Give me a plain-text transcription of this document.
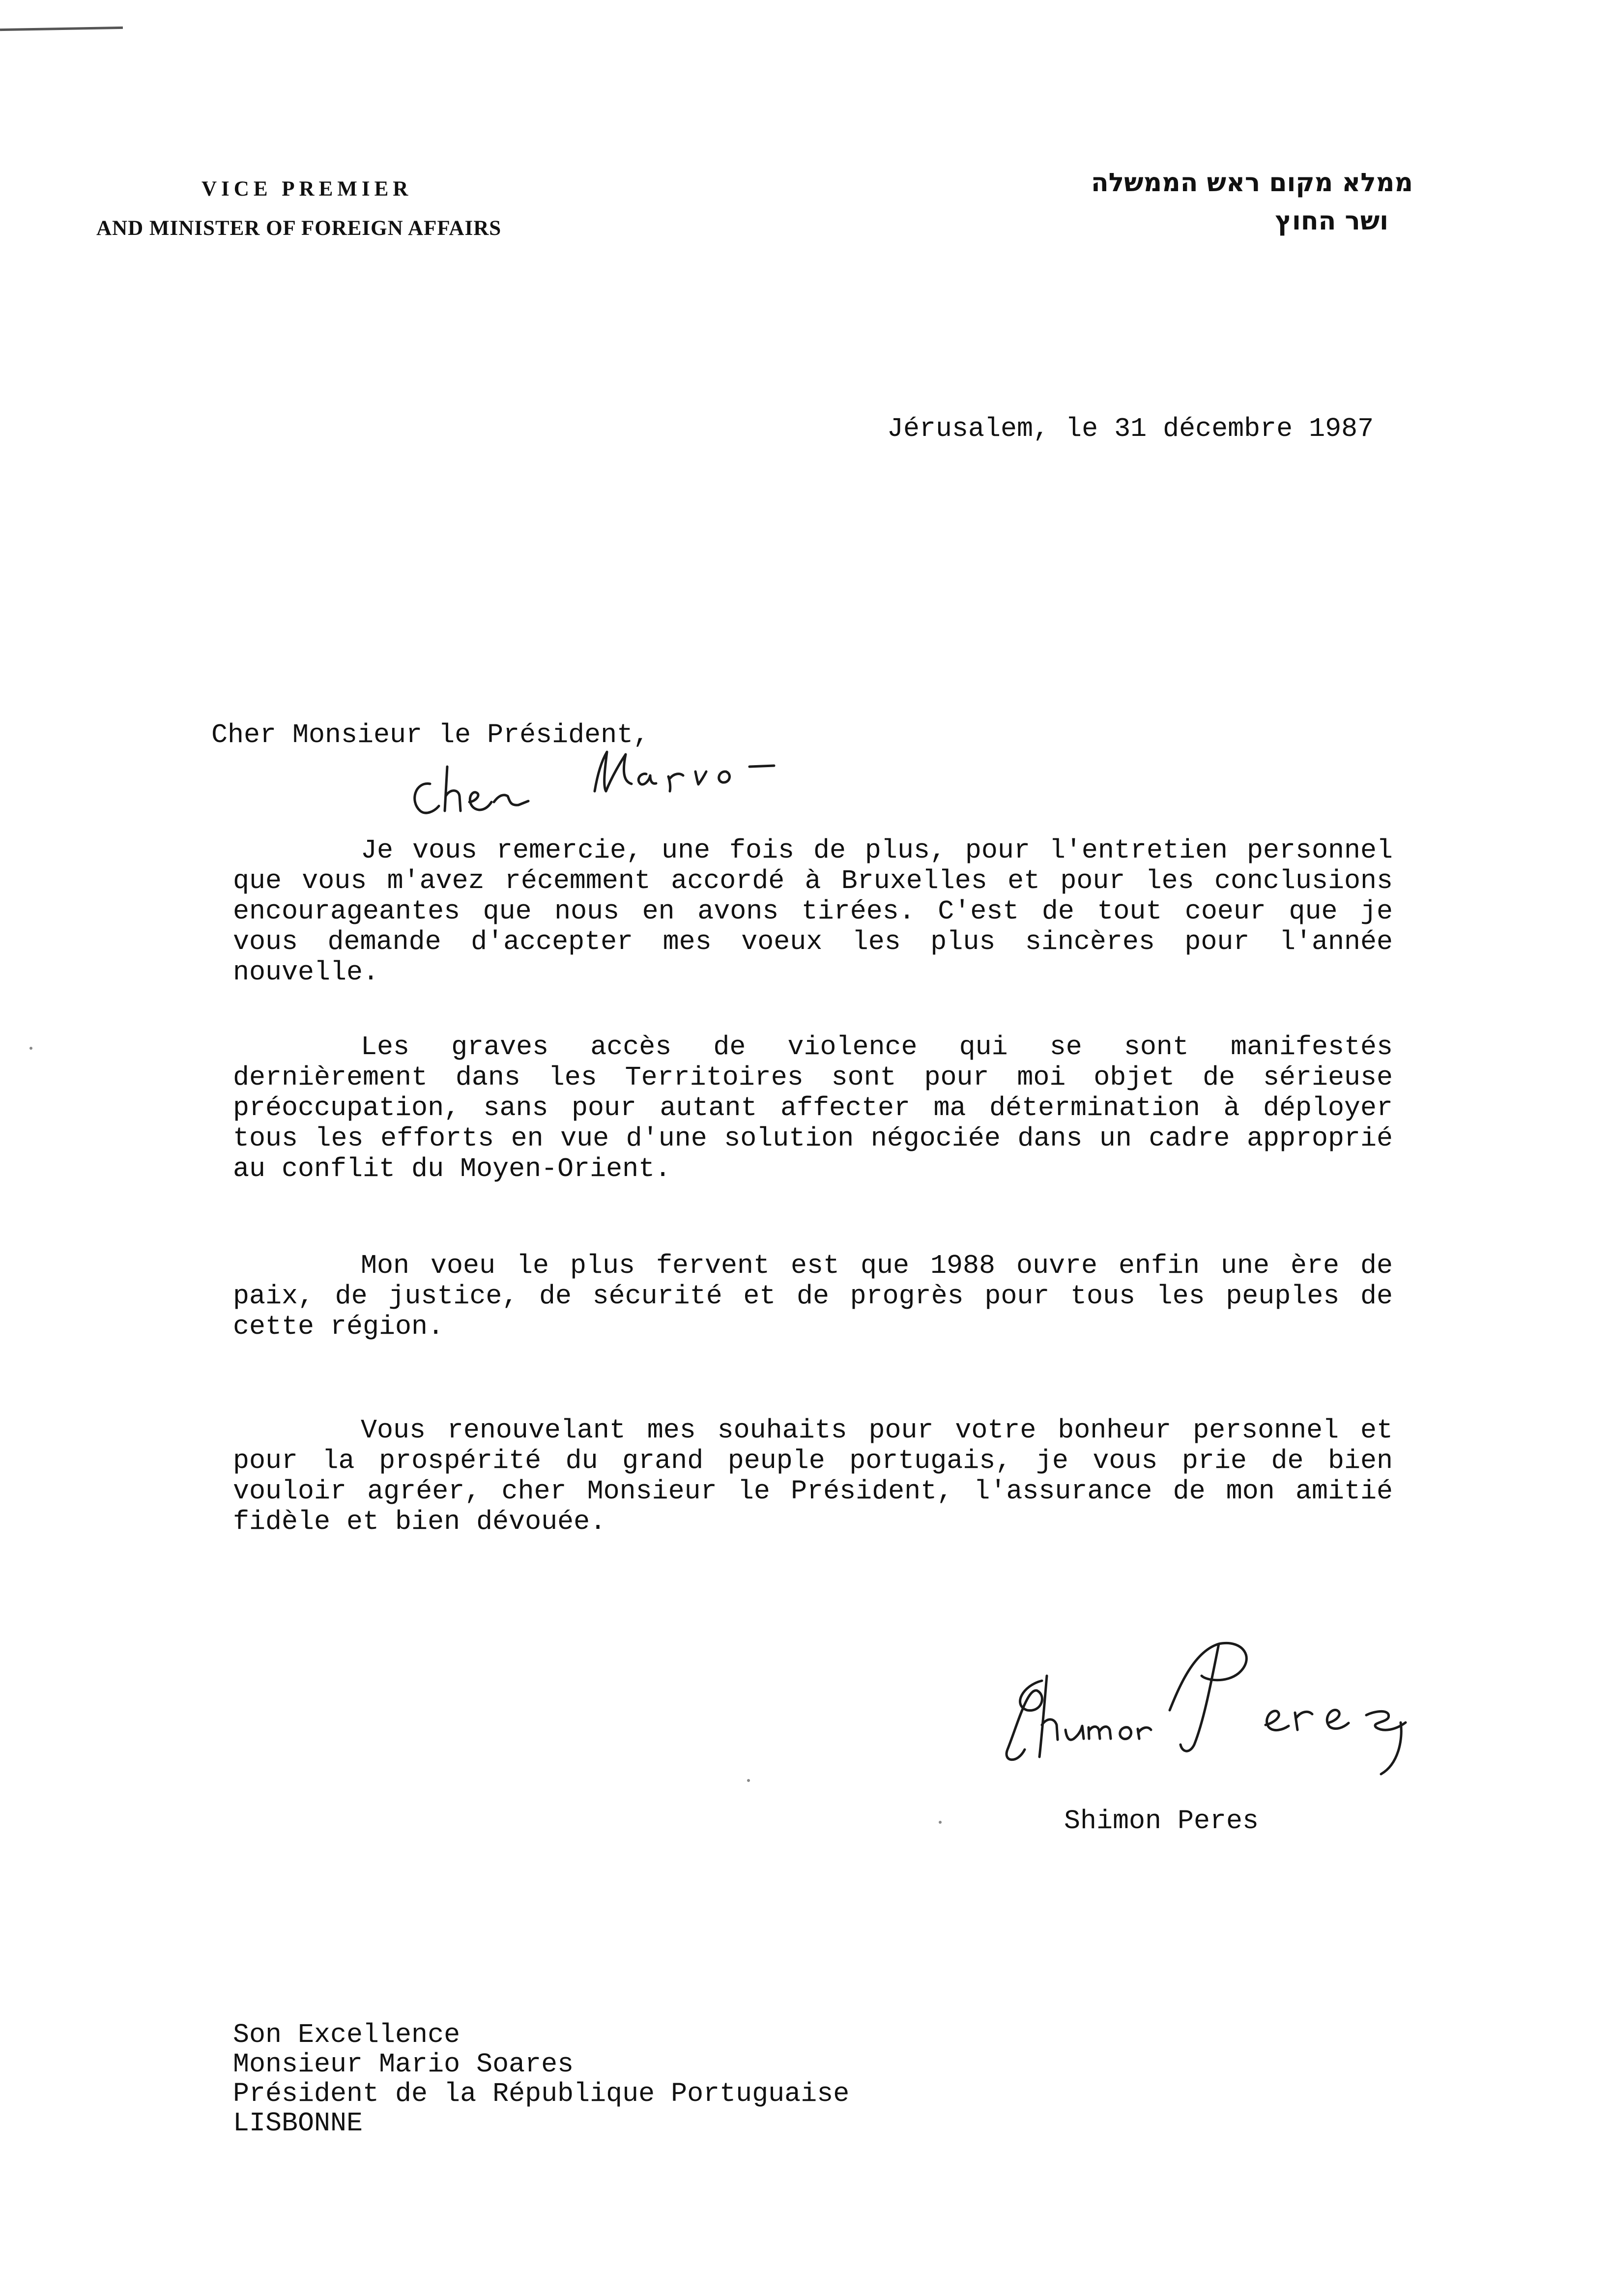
VICE PREMIER
AND MINISTER OF FOREIGN AFFAIRS
ממלא מקום ראש הממשלה
ושר החוץ
Jérusalem, le 31 décembre 1987
Cher Monsieur le Président,
Je vous remercie, une fois de plus, pour l'entretien personnel que vous m'avez récemment accordé à Bruxelles et pour les conclusions encourageantes que nous en avons tirées. C'est de tout coeur que je vous demande d'accepter mes voeux les plus sincères pour l'année nouvelle.
Les graves accès de violence qui se sont manifestés dernièrement dans les Territoires sont pour moi objet de sérieuse préoccupation, sans pour autant affecter ma détermination à déployer tous les efforts en vue d'une solution négociée dans un cadre approprié au conflit du Moyen-Orient.
Mon voeu le plus fervent est que 1988 ouvre enfin une ère de paix, de justice, de sécurité et de progrès pour tous les peuples de cette région.
Vous renouvelant mes souhaits pour votre bonheur personnel et pour la prospérité du grand peuple portugais, je vous prie de bien vouloir agréer, cher Monsieur le Président, l'assurance de mon amitié fidèle et bien dévouée.
Shimon Peres
Son Excellence
Monsieur Mario Soares
Président de la République Portuguaise
LISBONNE
